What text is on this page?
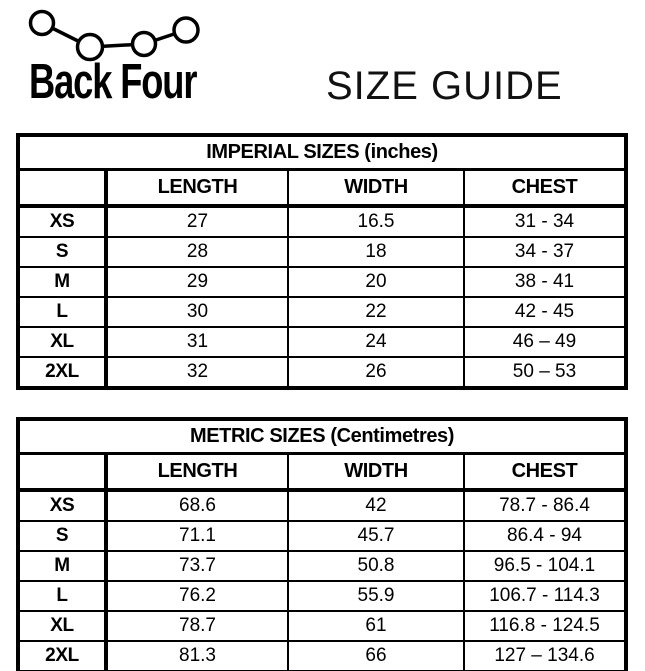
Back Four	SIZE GUIDE
IMPERIAL SIZES (inches)			
	LENGTH	WIDTH	CHEST
XS	27	16.5	31 - 34
S	28	18	34 - 37
M	29	20	38 - 41
L	30	22	42 - 45
XL	31	24	46 – 49
2XL	32	26	50 – 53
METRIC SIZES (Centimetres)			
	LENGTH	WIDTH	CHEST
XS	68.6	42	78.7 - 86.4
S	71.1	45.7	86.4 - 94
M	73.7	50.8	96.5 - 104.1
L	76.2	55.9	106.7 - 114.3
XL	78.7	61	116.8 - 124.5
2XL	81.3	66	127 – 134.6
